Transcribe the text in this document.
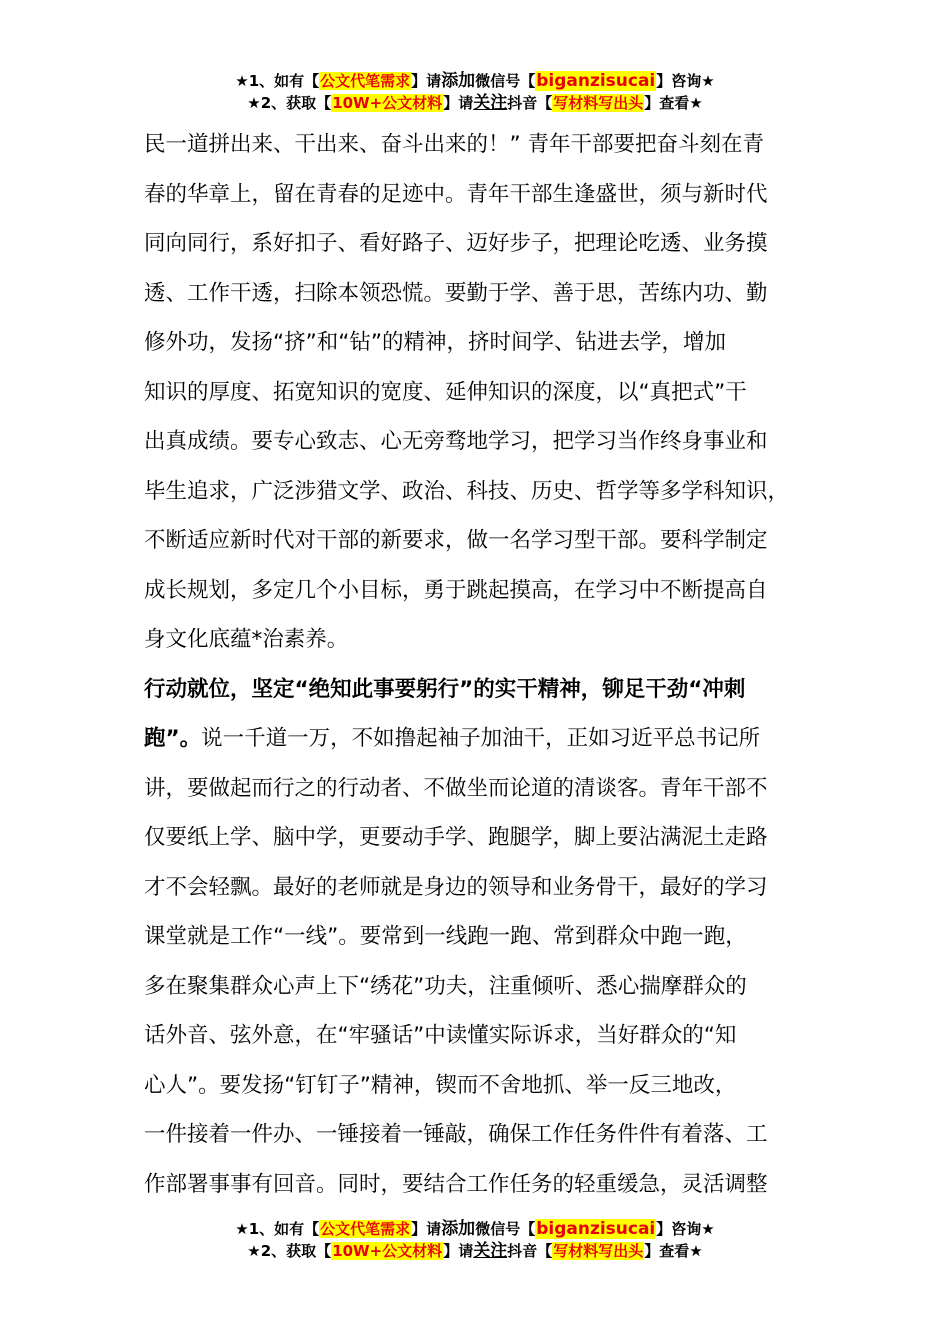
★1、如有【公文代笔需求】请添加微信号【biganzisucai】咨询★
★2、获取【10W+公文材料】请关注抖音【写材料写出头】查看★
民一道拼出来、干出来、奋斗出来的！” 青年干部要把奋斗刻在青
春的华章上，留在青春的足迹中。青年干部生逢盛世，须与新时代
同向同行，系好扣子、看好路子、迈好步子，把理论吃透、业务摸
透、工作干透，扫除本领恐慌。要勤于学、善于思，苦练内功、勤
修外功，发扬“挤”和“钻”的精神，挤时间学、钻进去学，增加
知识的厚度、拓宽知识的宽度、延伸知识的深度，以“真把式”干
出真成绩。要专心致志、心无旁骛地学习，把学习当作终身事业和
毕生追求，广泛涉猎文学、政治、科技、历史、哲学等多学科知识，
不断适应新时代对干部的新要求，做一名学习型干部。要科学制定
成长规划，多定几个小目标，勇于跳起摸高，在学习中不断提高自
身文化底蕴*治素养。
行动就位，坚定“绝知此事要躬行”的实干精神，铆足干劲“冲刺
跑”。说一千道一万，不如撸起袖子加油干，正如习近平总书记所
讲，要做起而行之的行动者、不做坐而论道的清谈客。青年干部不
仅要纸上学、脑中学，更要动手学、跑腿学，脚上要沾满泥土走路
才不会轻飘。最好的老师就是身边的领导和业务骨干，最好的学习
课堂就是工作“一线”。要常到一线跑一跑、常到群众中跑一跑，
多在聚集群众心声上下“绣花”功夫，注重倾听、悉心揣摩群众的
话外音、弦外意，在“牢骚话”中读懂实际诉求，当好群众的“知
心人”。要发扬“钉钉子”精神，锲而不舍地抓、举一反三地改，
一件接着一件办、一锤接着一锤敲，确保工作任务件件有着落、工
作部署事事有回音。同时，要结合工作任务的轻重缓急，灵活调整
★1、如有【公文代笔需求】请添加微信号【biganzisucai】咨询★
★2、获取【10W+公文材料】请关注抖音【写材料写出头】查看★
